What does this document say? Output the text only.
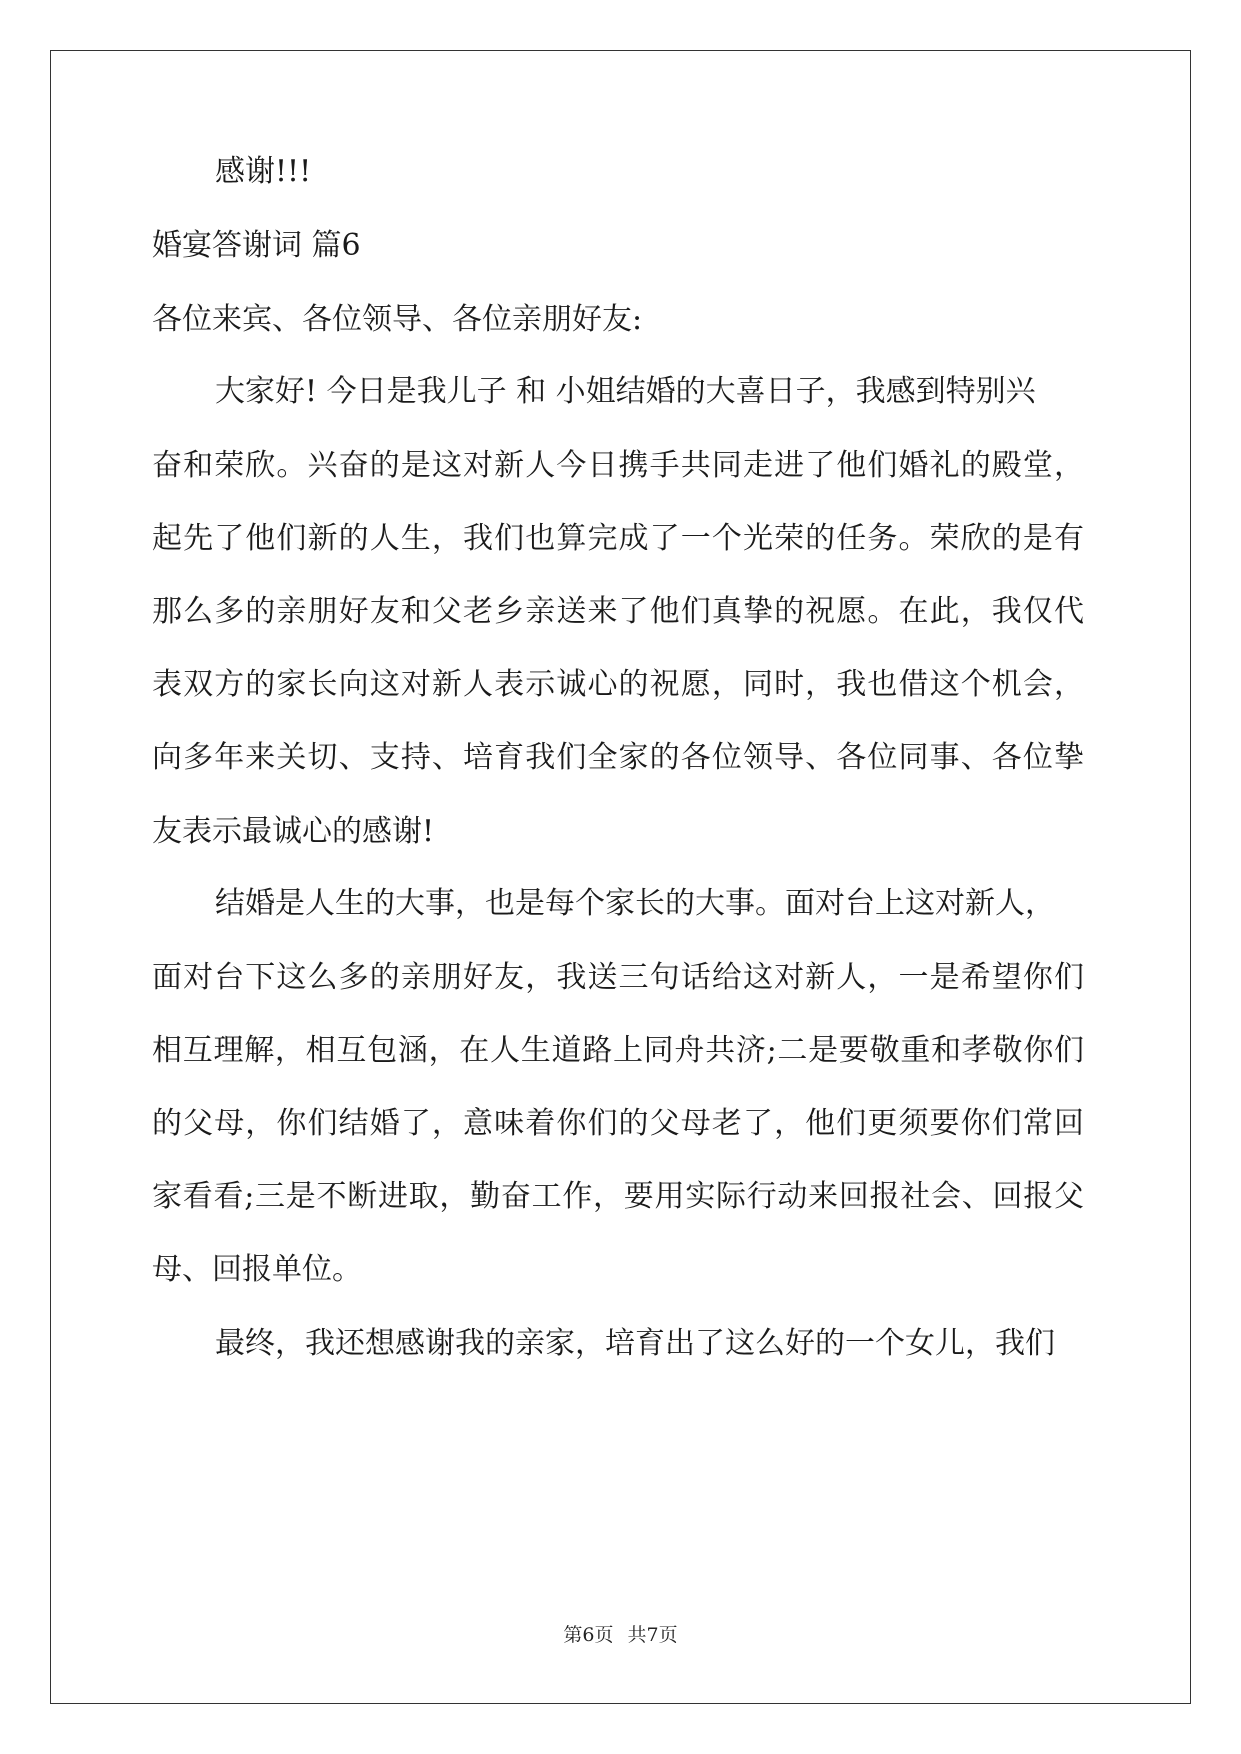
感谢!!!
婚宴答谢词 篇6
各位来宾、各位领导、各位亲朋好友:
大家好! 今日是我儿子 和 小姐结婚的大喜日子，我感到特别兴
奋和荣欣。兴奋的是这对新人今日携手共同走进了他们婚礼的殿堂，
起先了他们新的人生，我们也算完成了一个光荣的任务。荣欣的是有
那么多的亲朋好友和父老乡亲送来了他们真挚的祝愿。在此，我仅代
表双方的家长向这对新人表示诚心的祝愿，同时，我也借这个机会，
向多年来关切、支持、培育我们全家的各位领导、各位同事、各位挚
友表示最诚心的感谢!
结婚是人生的大事，也是每个家长的大事。面对台上这对新人，
面对台下这么多的亲朋好友，我送三句话给这对新人，一是希望你们
相互理解，相互包涵，在人生道路上同舟共济;二是要敬重和孝敬你们
的父母，你们结婚了，意味着你们的父母老了，他们更须要你们常回
家看看;三是不断进取，勤奋工作，要用实际行动来回报社会、回报父
母、回报单位。
最终，我还想感谢我的亲家，培育出了这么好的一个女儿，我们
第6页 共7页
